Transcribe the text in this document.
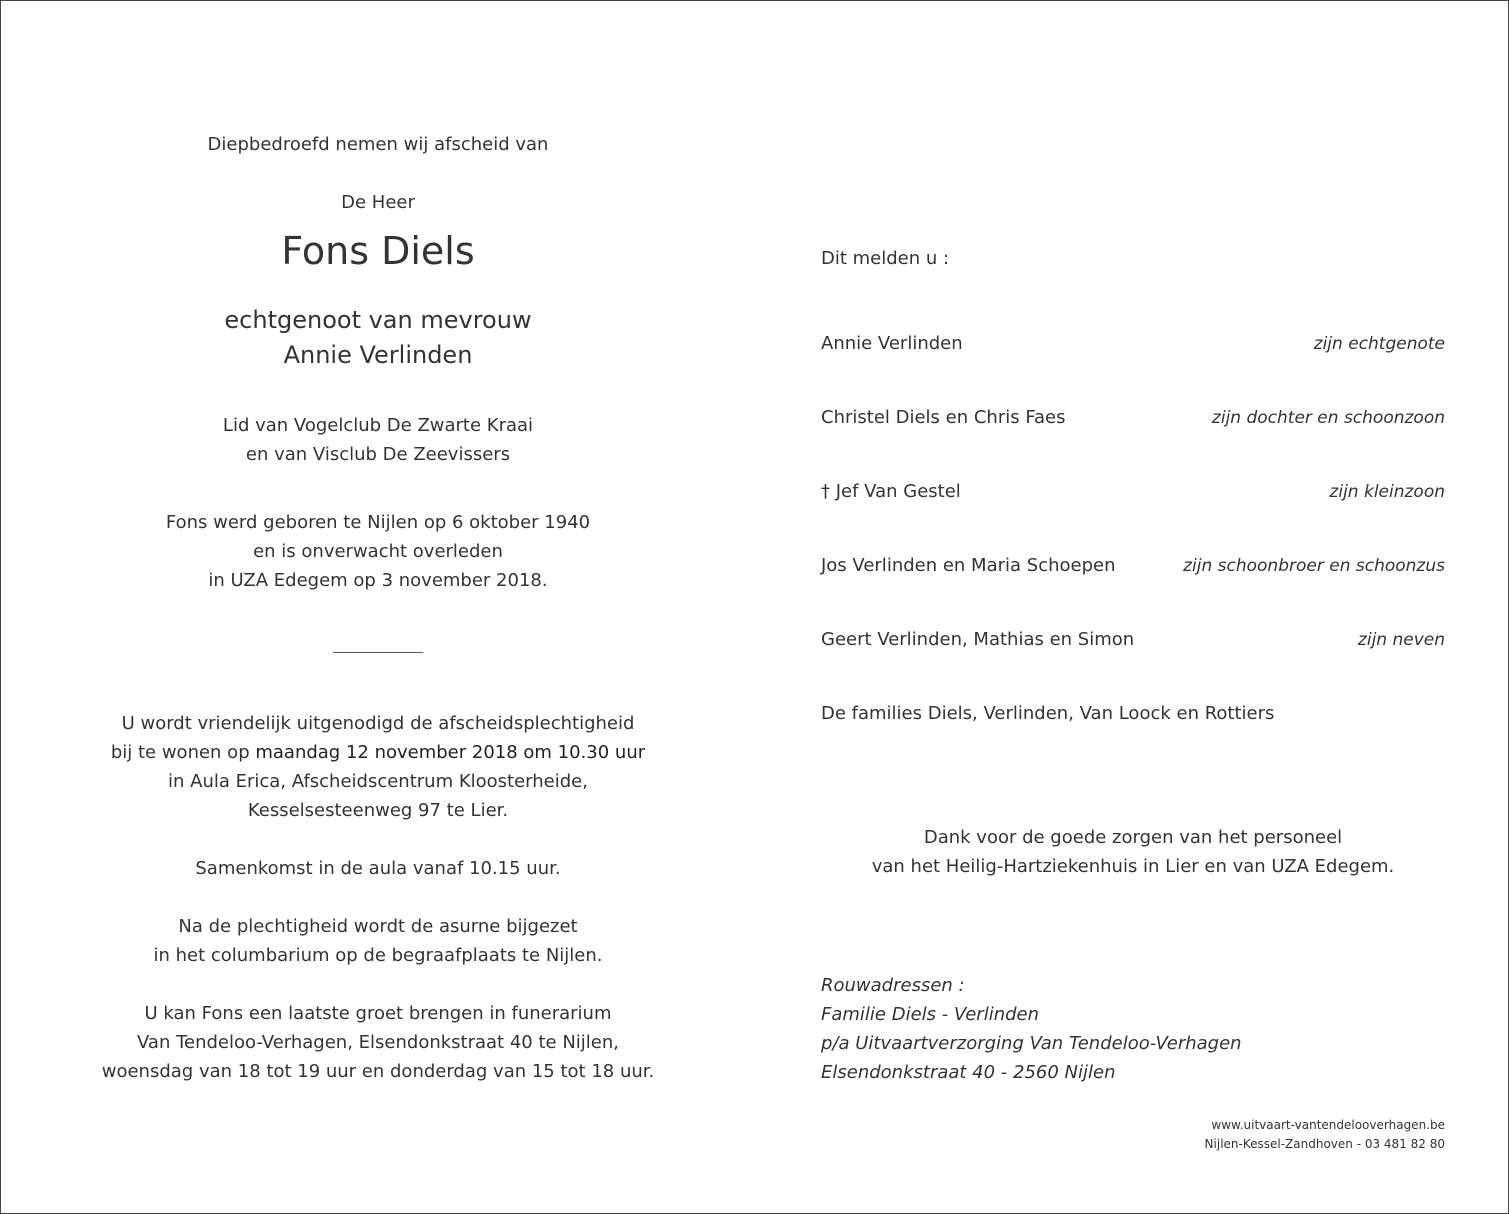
Diepbedroefd nemen wij afscheid van
De Heer
Fons Diels
echtgenoot van mevrouw
Annie Verlinden
Lid van Vogelclub De Zwarte Kraai
en van Visclub De Zeevissers
Fons werd geboren te Nijlen op 6 oktober 1940
en is onverwacht overleden
in UZA Edegem op 3 november 2018.
U wordt vriendelijk uitgenodigd de afscheidsplechtigheid
bij te wonen op maandag 12 november 2018 om 10.30 uur
in Aula Erica, Afscheidscentrum Kloosterheide,
Kesselsesteenweg 97 te Lier.
Samenkomst in de aula vanaf 10.15 uur.
Na de plechtigheid wordt de asurne bijgezet
in het columbarium op de begraafplaats te Nijlen.
U kan Fons een laatste groet brengen in funerarium
Van Tendeloo-Verhagen, Elsendonkstraat 40 te Nijlen,
woensdag van 18 tot 19 uur en donderdag van 15 tot 18 uur.
Dit melden u :
Annie Verlinden	zijn echtgenote
Christel Diels en Chris Faes	zijn dochter en schoonzoon
† Jef Van Gestel	zijn kleinzoon
Jos Verlinden en Maria Schoepen	zijn schoonbroer en schoonzus
Geert Verlinden, Mathias en Simon	zijn neven
De families Diels, Verlinden, Van Loock en Rottiers
Dank voor de goede zorgen van het personeel
van het Heilig-Hartziekenhuis in Lier en van UZA Edegem.
Rouwadressen :
Familie Diels - Verlinden
p/a Uitvaartverzorging Van Tendeloo-Verhagen
Elsendonkstraat 40 - 2560 Nijlen
www.uitvaart-vantendelooverhagen.be
Nijlen-Kessel-Zandhoven - 03 481 82 80
